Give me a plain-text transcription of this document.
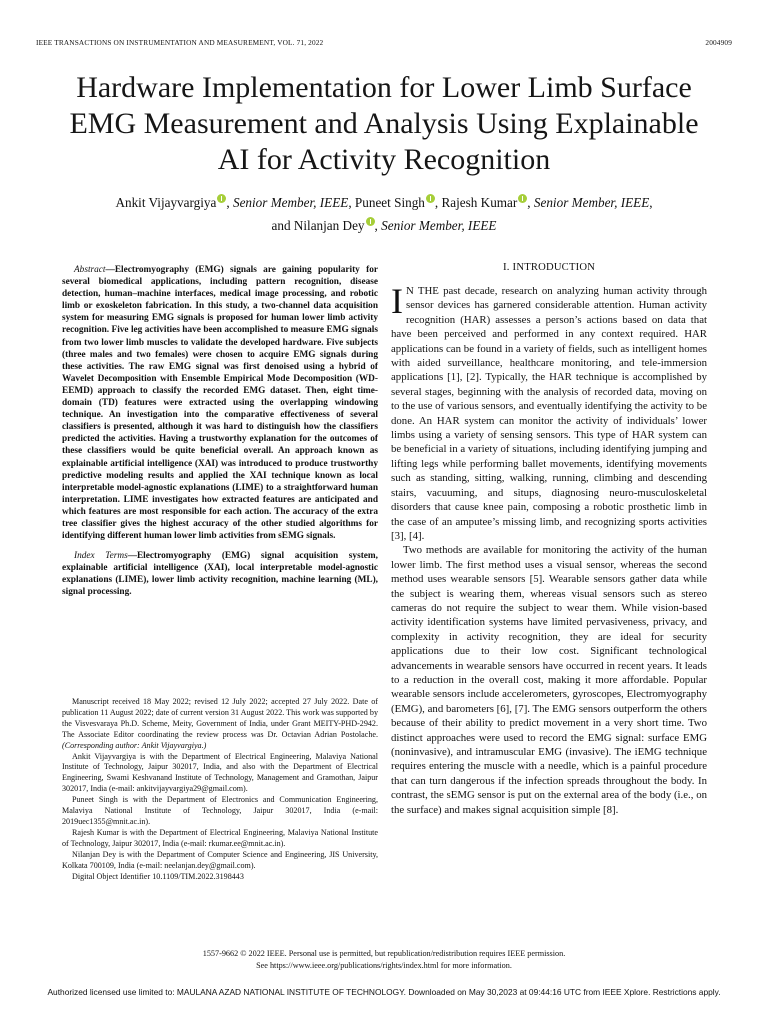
IEEE TRANSACTIONS ON INSTRUMENTATION AND MEASUREMENT, VOL. 71, 2022	2004909
Hardware Implementation for Lower Limb Surface
EMG Measurement and Analysis Using Explainable
AI for Activity Recognition
Ankit Vijayvargiya , Senior Member, IEEE, Puneet Singh , Rajesh Kumar , Senior Member, IEEE,
and Nilanjan Dey , Senior Member, IEEE

Abstract—Electromyography (EMG) signals are gaining popularity for several biomedical applications, including pattern recognition, disease detection, human–machine interfaces, medical image processing, and robotic limb or exoskeleton fabrication. In this study, a two-channel data acquisition system for measuring EMG signals is proposed for human lower limb activity recognition. Five leg activities have been accomplished to measure EMG signals from two lower limb muscles to validate the developed hardware. Five subjects (three males and two females) were chosen to acquire EMG signals during these activities. The raw EMG signal was first denoised using a hybrid of Wavelet Decomposition with Ensemble Empirical Mode Decomposition (WD-EEMD) approach to classify the recorded EMG dataset. Then, eight time-domain (TD) features were extracted using the overlapping windowing technique. An investigation into the comparative effectiveness of several classifiers is presented, although it was hard to distinguish how the classifiers predicted the activities. Having a trustworthy explanation for the outcomes of these classifiers would be quite beneficial overall. An approach known as explainable artificial intelligence (XAI) was introduced to produce trustworthy predictive modeling results and applied the XAI technique known as local interpretable model-agnostic explanations (LIME) to a straightforward human interpretation. LIME investigates how extracted features are anticipated and which features are most responsible for each action. The accuracy of the extra tree classifier gives the highest accuracy of the other studied algorithms for identifying different human lower limb activities from sEMG signals.

Index Terms—Electromyography (EMG) signal acquisition system, explainable artificial intelligence (XAI), local interpretable model-agnostic explanations (LIME), lower limb activity recognition, machine learning (ML), signal processing.

Manuscript received 18 May 2022; revised 12 July 2022; accepted 27 July 2022. Date of publication 11 August 2022; date of current version 31 August 2022. This work was supported by the Visvesvaraya Ph.D. Scheme, Meity, Government of India, under Grant MEITY-PHD-2942. The Associate Editor coordinating the review process was Dr. Octavian Adrian Postolache. (Corresponding author: Ankit Vijayvargiya.)

Ankit Vijayvargiya is with the Department of Electrical Engineering, Malaviya National Institute of Technology, Jaipur 302017, India, and also with the Department of Electrical Engineering, Swami Keshvanand Institute of Technology, Management and Gramothan, Jaipur 302017, India (e-mail: ankitvijayvargiya29@gmail.com).

Puneet Singh is with the Department of Electronics and Communication Engineering, Malaviya National Institute of Technology, Jaipur 302017, India (e-mail: 2019uec1355@mnit.ac.in).

Rajesh Kumar is with the Department of Electrical Engineering, Malaviya National Institute of Technology, Jaipur 302017, India (e-mail: rkumar.ee@mnit.ac.in).

Nilanjan Dey is with the Department of Computer Science and Engineering, JIS University, Kolkata 700109, India (e-mail: neelanjan.dey@gmail.com).

Digital Object Identifier 10.1109/TIM.2022.3198443

I. INTRODUCTION

I N THE past decade, research on analyzing human activity through sensor devices has garnered considerable attention. Human activity recognition (HAR) assesses a person’s actions based on data that have been perceived and performed in any context required. HAR applications can be found in a variety of fields, such as intelligent homes with aided surveillance, healthcare monitoring, and tele-immersion applications [1], [2]. Typically, the HAR technique is accomplished by several stages, beginning with the analysis of recorded data, moving on to the use of various sensors, and eventually identifying the activity to be done. An HAR system can monitor the activity of individuals’ lower limbs using a variety of sensing sensors. This type of HAR system can be beneficial in a variety of situations, including identifying jumping and lifting legs while performing ballet movements, identifying movements such as standing, sitting, walking, running, climbing and descending stairs, vacuuming, and situps, diagnosing neuro-musculoskeletal disorders that cause knee pain, composing a robotic prosthetic limb in the case of an amputee’s missing limb, and recognizing sports activities [3], [4].

Two methods are available for monitoring the activity of the human lower limb. The first method uses a visual sensor, whereas the second method uses wearable sensors [5]. Wearable sensors gather data while the subject is wearing them, whereas visual sensors such as stereo cameras do not require the subject to wear them. While vision-based activity identification systems have limited pervasiveness, privacy, and complexity in activity recognition, they are ideal for security applications due to their low cost. Significant technological advancements in wearable sensors have occurred in recent years. It leads to a reduction in the overall cost, making it more affordable. Popular wearable sensors include accelerometers, gyroscopes, Electromyography (EMG), and barometers [6], [7]. The EMG sensors outperform the others because of their ability to predict movement in a very short time. Two distinct approaches were used to record the EMG signal: surface EMG (noninvasive), and intramuscular EMG (invasive). The iEMG technique requires entering the muscle with a needle, which is a painful procedure that can turn dangerous if the infection spreads throughout the body. In contrast, the sEMG sensor is put on the external area of the body (i.e., on the surface) and makes signal acquisition simple [8].

1557-9662 © 2022 IEEE. Personal use is permitted, but republication/redistribution requires IEEE permission.
See https://www.ieee.org/publications/rights/index.html for more information.
Authorized licensed use limited to: MAULANA AZAD NATIONAL INSTITUTE OF TECHNOLOGY. Downloaded on May 30,2023 at 09:44:16 UTC from IEEE Xplore. Restrictions apply.
